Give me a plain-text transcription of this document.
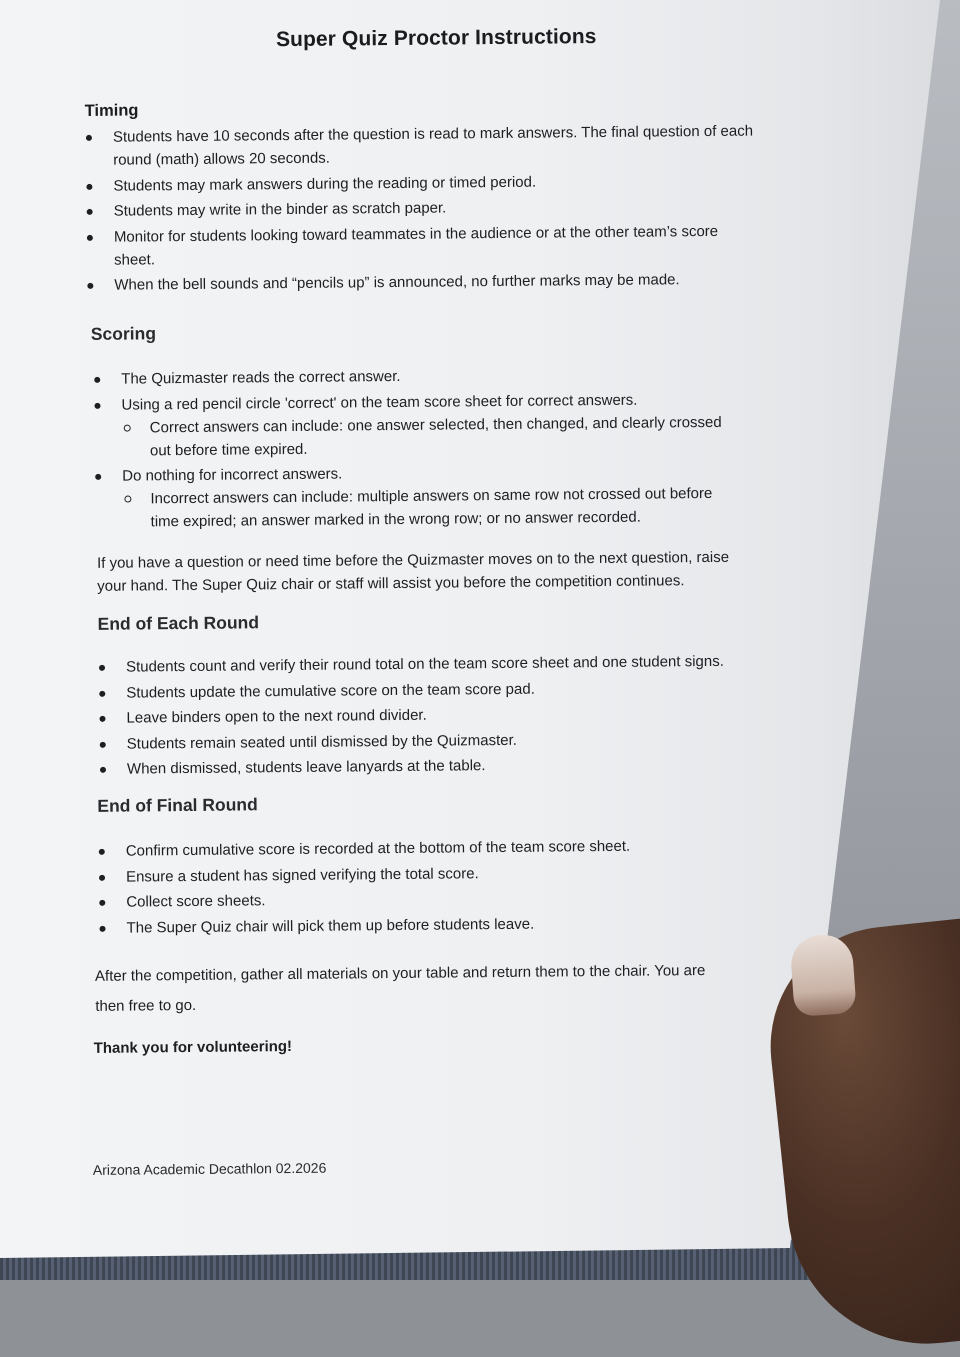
Super Quiz Proctor Instructions
Timing
Students have 10 seconds after the question is read to mark answers. The final question of each round (math) allows 20 seconds.
Students may mark answers during the reading or timed period.
Students may write in the binder as scratch paper.
Monitor for students looking toward teammates in the audience or at the other team’s score sheet.
When the bell sounds and “pencils up” is announced, no further marks may be made.
Scoring
The Quizmaster reads the correct answer.
Using a red pencil circle 'correct' on the team score sheet for correct answers.
Correct answers can include: one answer selected, then changed, and clearly crossed out before time expired.
Do nothing for incorrect answers.
Incorrect answers can include: multiple answers on same row not crossed out before time expired; an answer marked in the wrong row; or no answer recorded.
If you have a question or need time before the Quizmaster moves on to the next question, raise your hand. The Super Quiz chair or staff will assist you before the competition continues.
End of Each Round
Students count and verify their round total on the team score sheet and one student signs.
Students update the cumulative score on the team score pad.
Leave binders open to the next round divider.
Students remain seated until dismissed by the Quizmaster.
When dismissed, students leave lanyards at the table.
End of Final Round
Confirm cumulative score is recorded at the bottom of the team score sheet.
Ensure a student has signed verifying the total score.
Collect score sheets.
The Super Quiz chair will pick them up before students leave.
After the competition, gather all materials on your table and return them to the chair. You are then free to go.
Thank you for volunteering!
Arizona Academic Decathlon 02.2026
